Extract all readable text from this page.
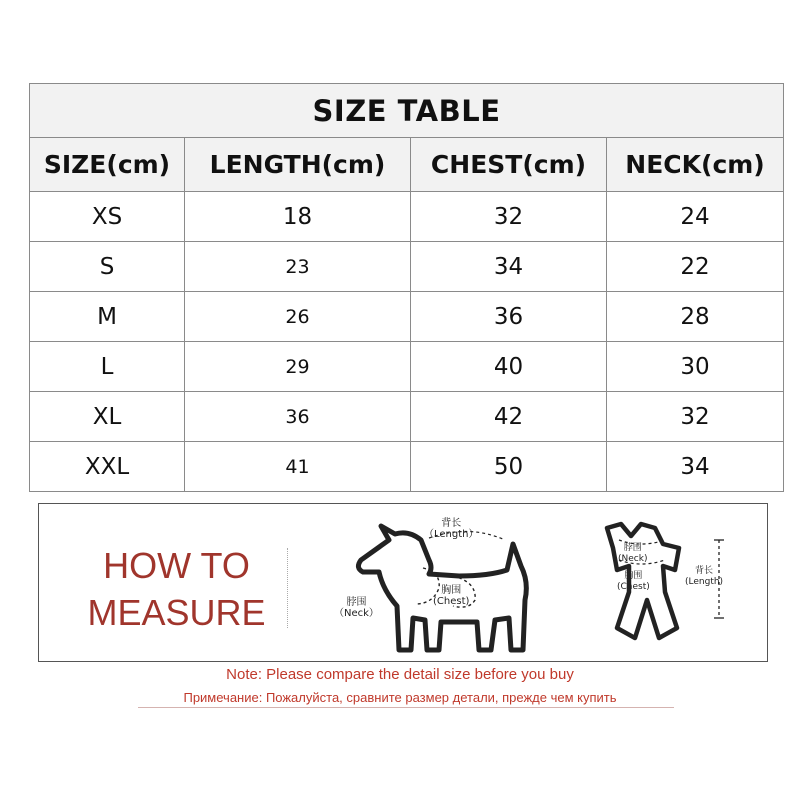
SIZE TABLE			
SIZE(cm)	LENGTH(cm)	CHEST(cm)	NECK(cm)
XS	18	32	24
S	23	34	22
M	26	36	28
L	29	40	30
XL	36	42	32
XXL	41	50	34
HOW TO
MEASURE
背长
（Length）
脖围
（Neck）
胸围
(Chest)
脖围
(Neck)
胸围
(Chest)
背长
(Length)
Note: Please compare the detail size before you buy
Примечание: Пожалуйста, сравните размер детали, прежде чем купить
